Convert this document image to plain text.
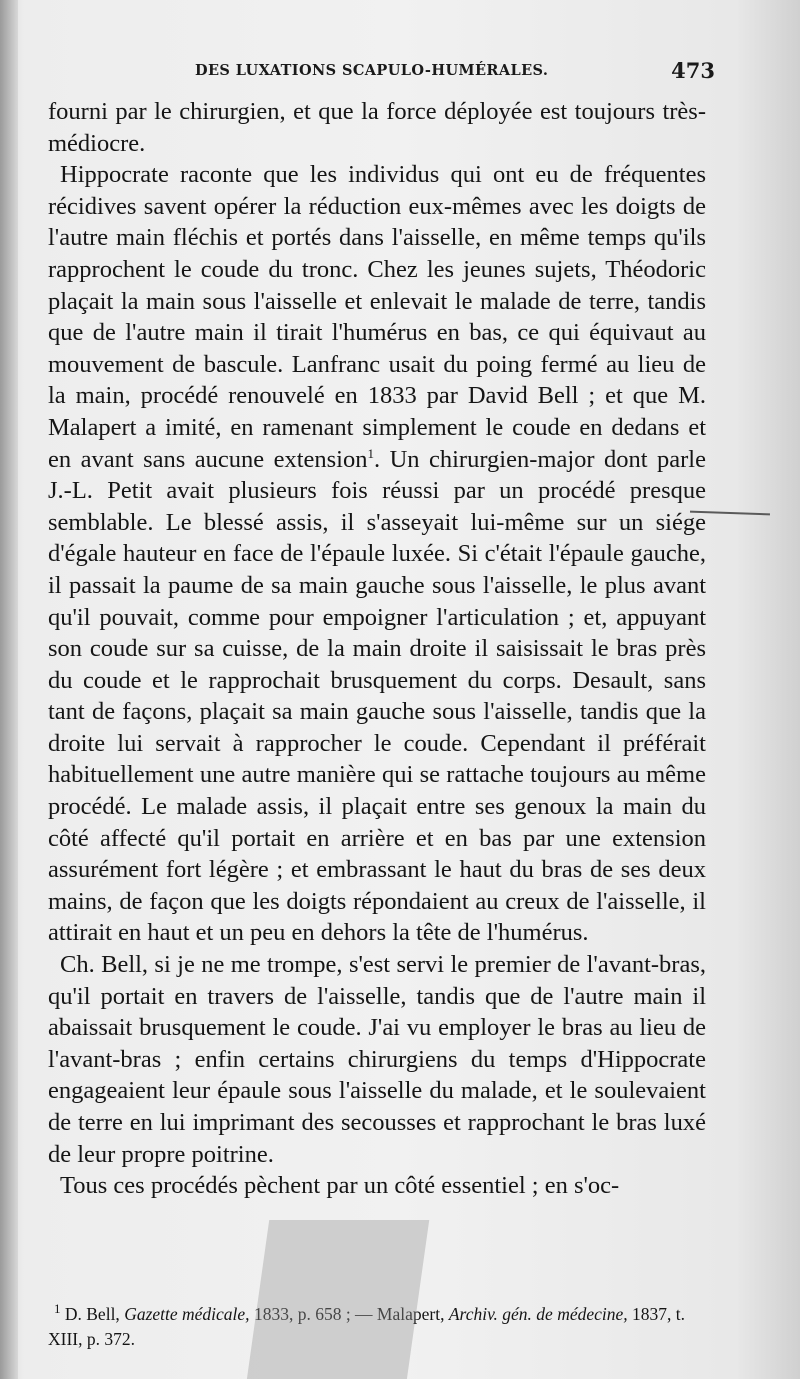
DES LUXATIONS SCAPULO-HUMÉRALES.	473

fourni par le chirurgien, et que la force déployée est toujours très-médiocre.

Hippocrate raconte que les individus qui ont eu de fréquentes récidives savent opérer la réduction eux-mêmes avec les doigts de l'autre main fléchis et portés dans l'aisselle, en même temps qu'ils rapprochent le coude du tronc. Chez les jeunes sujets, Théodoric plaçait la main sous l'aisselle et enlevait le malade de terre, tandis que de l'autre main il tirait l'humérus en bas, ce qui équivaut au mouvement de bascule. Lanfranc usait du poing fermé au lieu de la main, procédé renouvelé en 1833 par David Bell ; et que M. Malapert a imité, en ramenant simplement le coude en dedans et en avant sans aucune extension$^1$. Un chirurgien-major dont parle J.-L. Petit avait plusieurs fois réussi par un procédé presque semblable. Le blessé assis, il s'asseyait lui-même sur un siége d'égale hauteur en face de l'épaule luxée. Si c'était l'épaule gauche, il passait la paume de sa main gauche sous l'aisselle, le plus avant qu'il pouvait, comme pour empoigner l'articulation ; et, appuyant son coude sur sa cuisse, de la main droite il saisissait le bras près du coude et le rapprochait brusquement du corps. Desault, sans tant de façons, plaçait sa main gauche sous l'aisselle, tandis que la droite lui servait à rapprocher le coude. Cependant il préférait habituellement une autre manière qui se rattache toujours au même procédé. Le malade assis, il plaçait entre ses genoux la main du côté affecté qu'il portait en arrière et en bas par une extension assurément fort légère ; et embrassant le haut du bras de ses deux mains, de façon que les doigts répondaient au creux de l'aisselle, il attirait en haut et un peu en dehors la tête de l'humérus.

Ch. Bell, si je ne me trompe, s'est servi le premier de l'avant-bras, qu'il portait en travers de l'aisselle, tandis que de l'autre main il abaissait brusquement le coude. J'ai vu employer le bras au lieu de l'avant-bras ; enfin certains chirurgiens du temps d'Hippocrate engageaient leur épaule sous l'aisselle du malade, et le soulevaient de terre en lui imprimant des secousses et rapprochant le bras luxé de leur propre poitrine.

Tous ces procédés pèchent par un côté essentiel ; en s'oc-

$^1$ D. Bell, Gazette médicale, 1833, p. 658 ; — Malapert, Archiv. gén. de médecine, 1837, t. XIII, p. 372.
